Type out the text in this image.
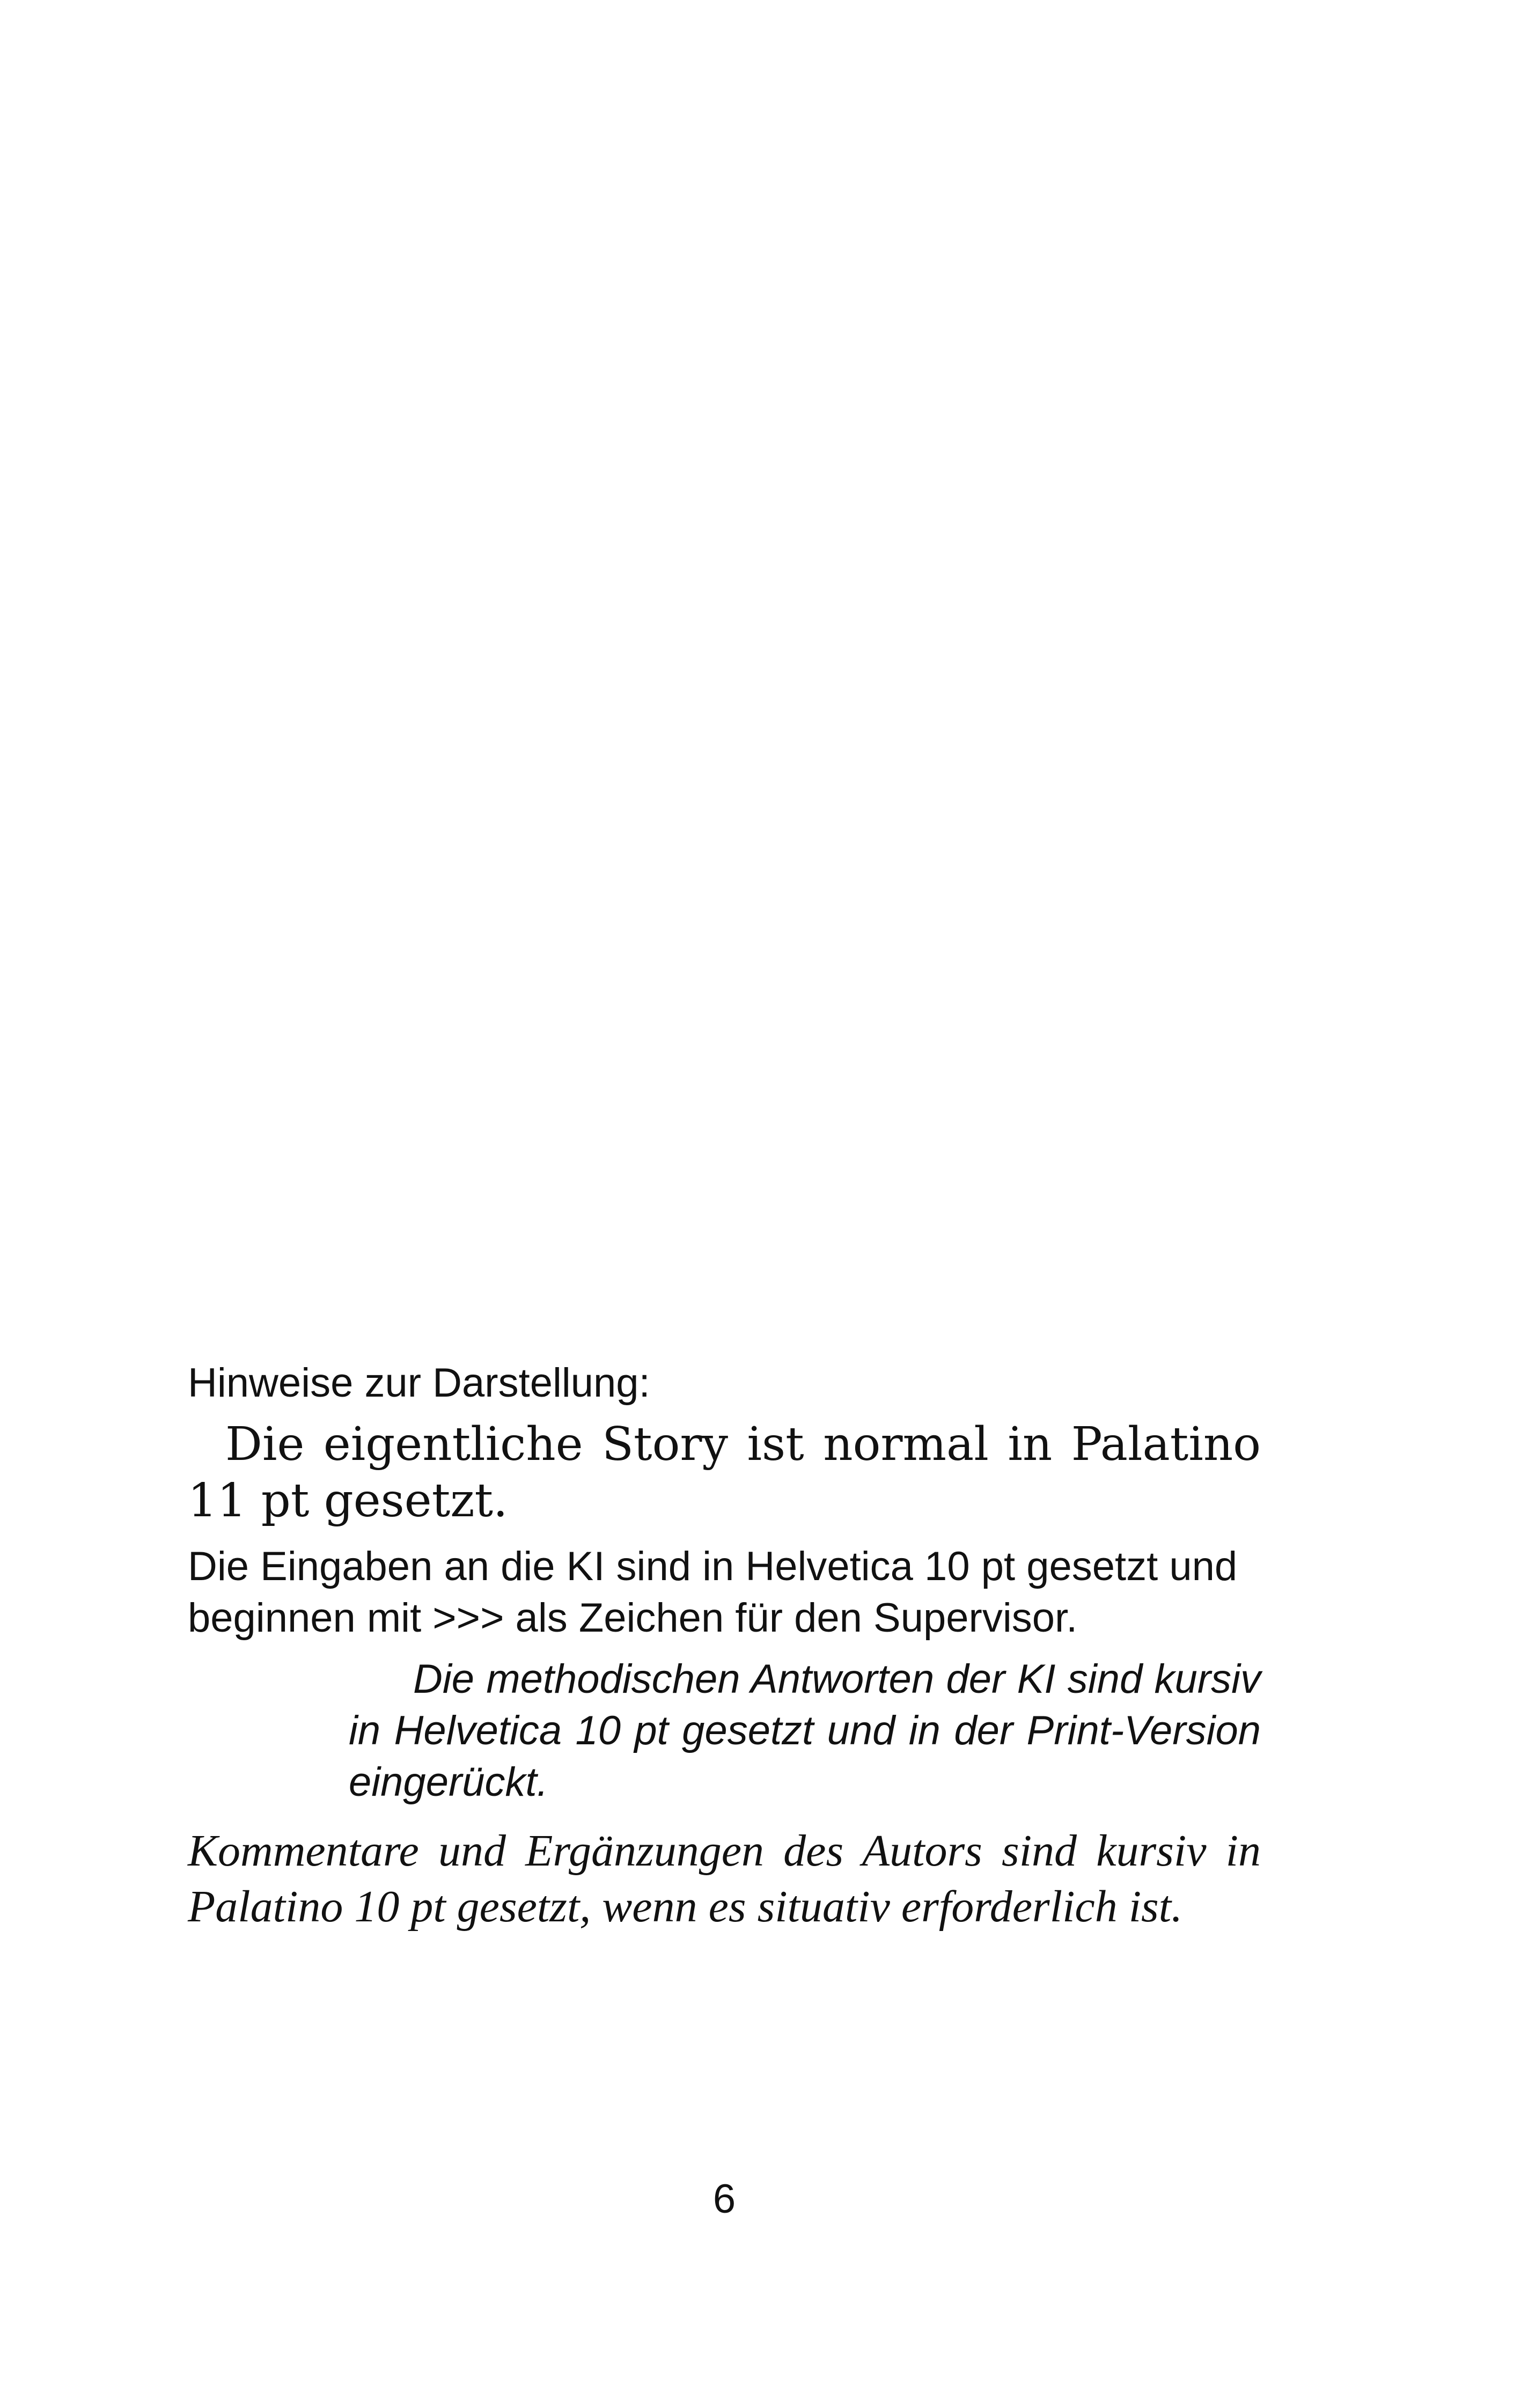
Hinweise zur Darstellung:

Die eigentliche Story ist normal in Palatino 11 pt gesetzt.

Die Eingaben an die KI sind in Helvetica 10 pt gesetzt und beginnen mit >>> als Zeichen für den Supervisor.

Die methodischen Antworten der KI sind kursiv in Helvetica 10 pt gesetzt und in der Print-Version eingerückt.

Kommentare und Ergänzungen des Autors sind kursiv in Palatino 10 pt gesetzt, wenn es situativ erforderlich ist.

6
